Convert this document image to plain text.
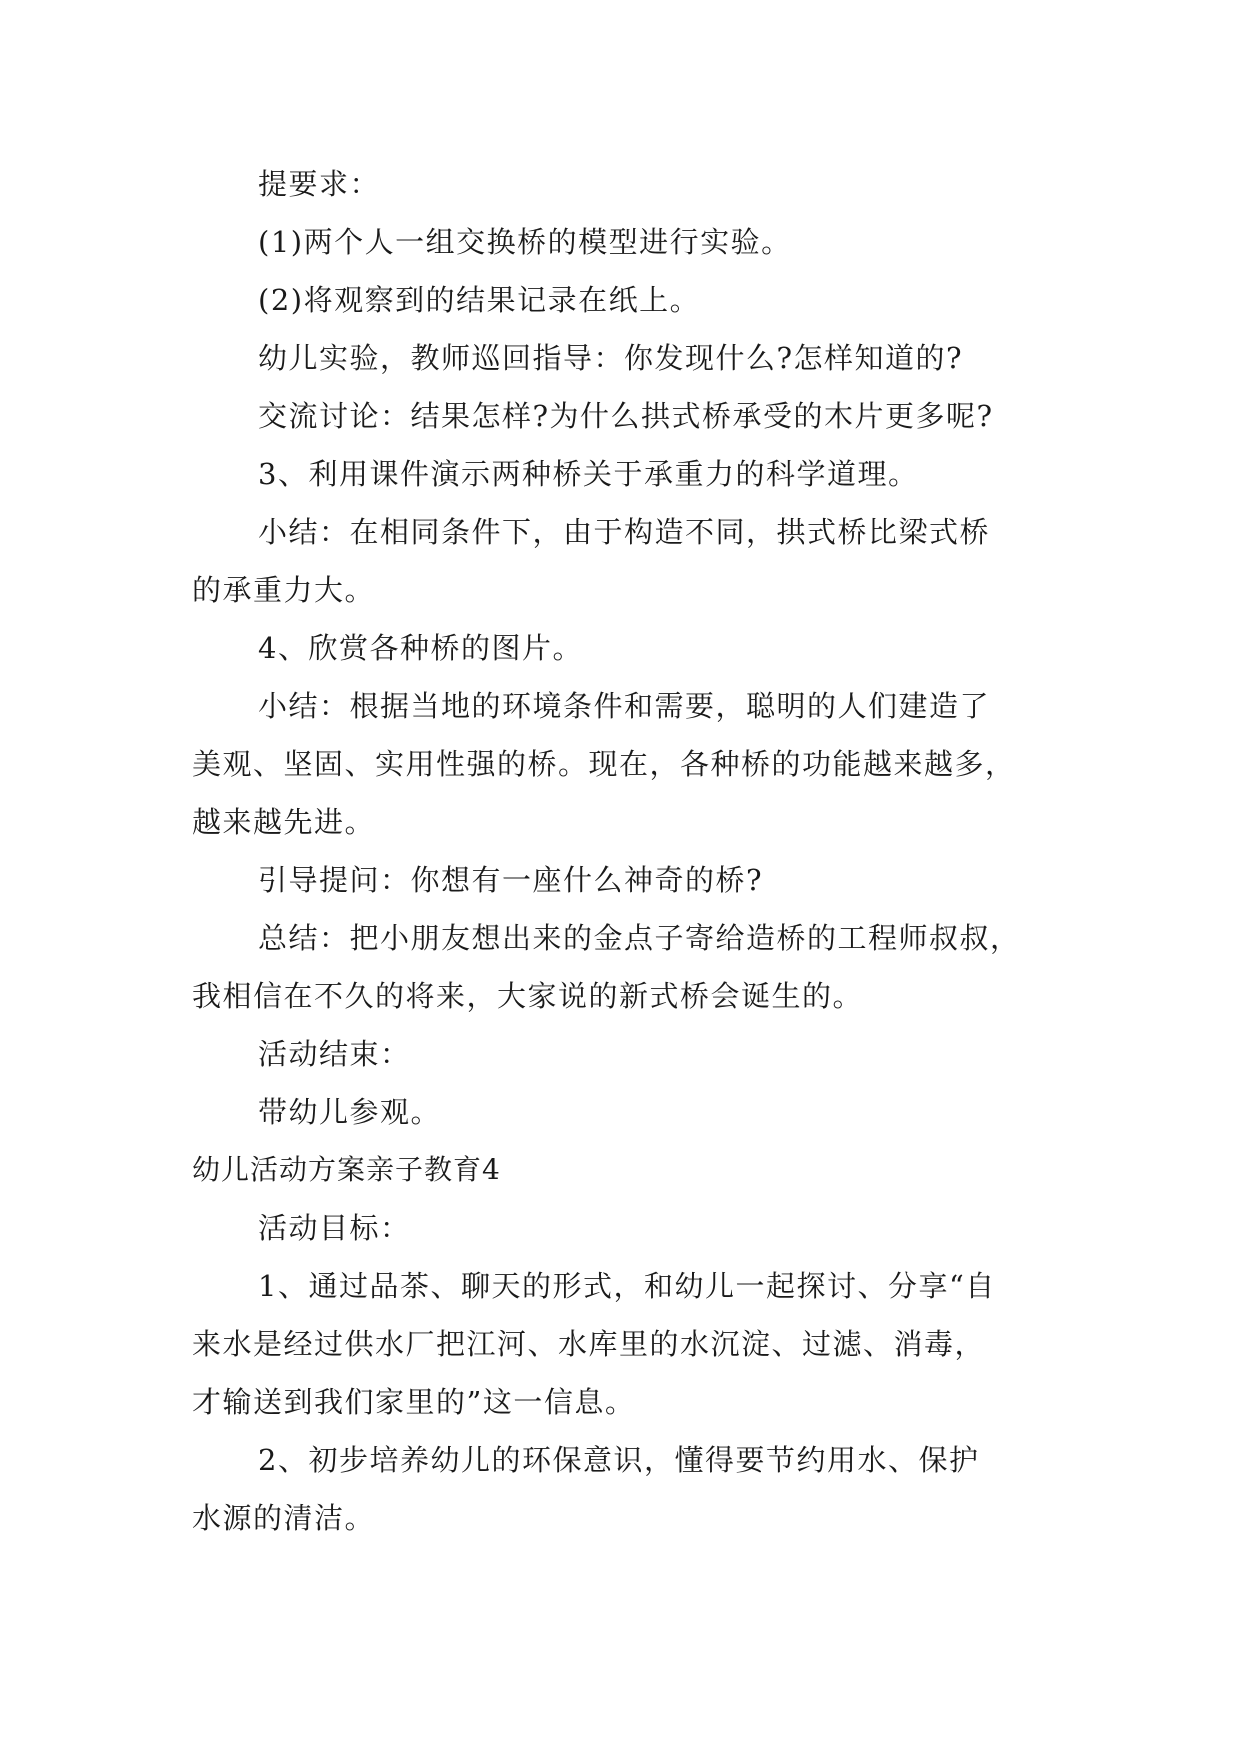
提要求：
(1)两个人一组交换桥的模型进行实验。
(2)将观察到的结果记录在纸上。
幼儿实验，教师巡回指导：你发现什么?怎样知道的?
交流讨论：结果怎样?为什么拱式桥承受的木片更多呢?
3、利用课件演示两种桥关于承重力的科学道理。
小结：在相同条件下，由于构造不同，拱式桥比梁式桥
的承重力大。
4、欣赏各种桥的图片。
小结：根据当地的环境条件和需要，聪明的人们建造了
美观、坚固、实用性强的桥。现在，各种桥的功能越来越多，
越来越先进。
引导提问：你想有一座什么神奇的桥?
总结：把小朋友想出来的金点子寄给造桥的工程师叔叔，
我相信在不久的将来，大家说的新式桥会诞生的。
活动结束：
带幼儿参观。
幼儿活动方案亲子教育4
活动目标：
1、通过品茶、聊天的形式，和幼儿一起探讨、分享“自
来水是经过供水厂把江河、水库里的水沉淀、过滤、消毒，
才输送到我们家里的”这一信息。
2、初步培养幼儿的环保意识，懂得要节约用水、保护
水源的清洁。
